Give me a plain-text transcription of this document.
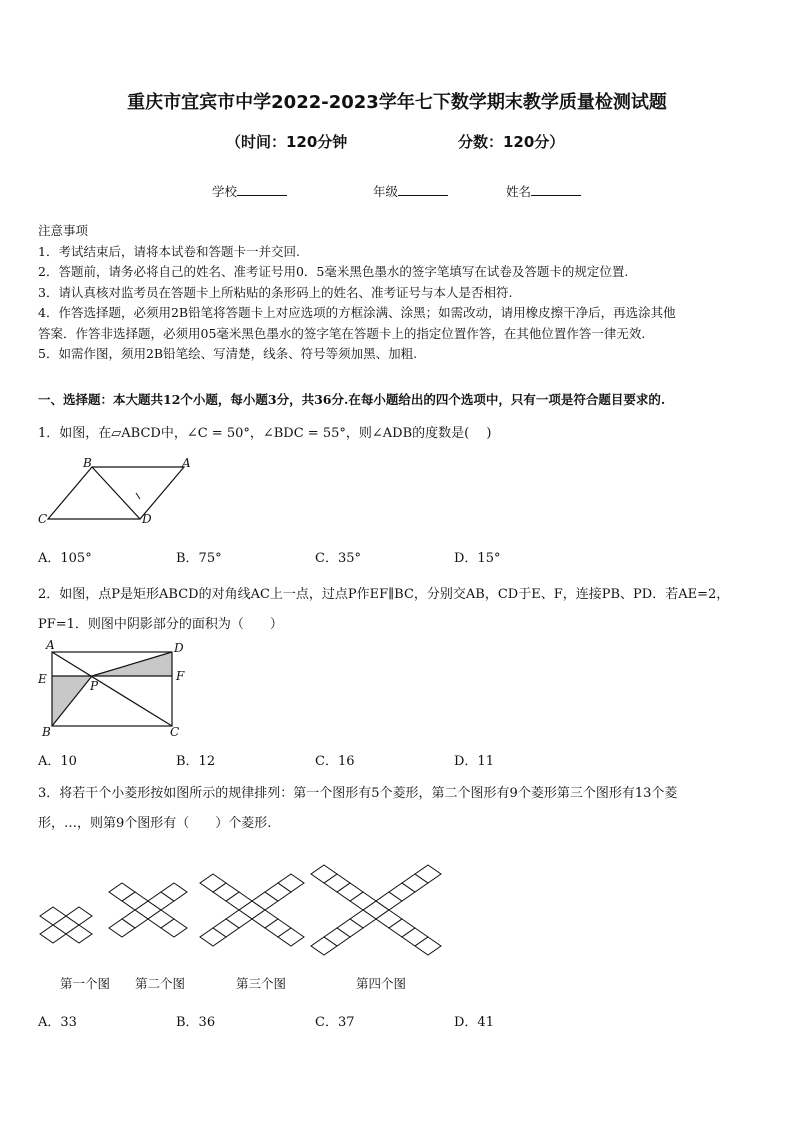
重庆市宜宾市中学2022-2023学年七下数学期末教学质量检测试题
（时间：120分钟	分数：120分）
学校	年级	姓名
注意事项
1．考试结束后，请将本试卷和答题卡一并交回.
2．答题前，请务必将自己的姓名、准考证号用0．5毫米黑色墨水的签字笔填写在试卷及答题卡的规定位置.
3．请认真核对监考员在答题卡上所粘贴的条形码上的姓名、准考证号与本人是否相符.
4．作答选择题，必须用2B铅笔将答题卡上对应选项的方框涂满、涂黑；如需改动，请用橡皮擦干净后，再选涂其他
答案．作答非选择题，必须用05毫米黑色墨水的签字笔在答题卡上的指定位置作答，在其他位置作答一律无效.
5．如需作图，须用2B铅笔绘、写清楚，线条、符号等须加黑、加粗.
一、选择题：本大题共12个小题，每小题3分，共36分.在每小题给出的四个选项中，只有一项是符合题目要求的.
1．如图，在▱ABCD中，∠C = 50°，∠BDC = 55°，则∠ADB的度数是(　 )
B	A
C	D
A．105°	B．75°	C．35°	D．15°
2．如图，点P是矩形ABCD的对角线AC上一点，过点P作EF∥BC，分别交AB，CD于E、F，连接PB、PD．若AE=2，
PF=1．则图中阴影部分的面积为（　　）
A	D
E	P
F
B	C
A．10	B．12	C．16	D．11
3．将若干个小菱形按如图所示的规律排列：第一个图形有5个菱形，第二个图形有9个菱形第三个图形有13个菱
形，…，则第9个图形有（　　）个菱形.
第一个图 第二个图	第三个图	第四个图
A．33	B．36	C．37	D．41
